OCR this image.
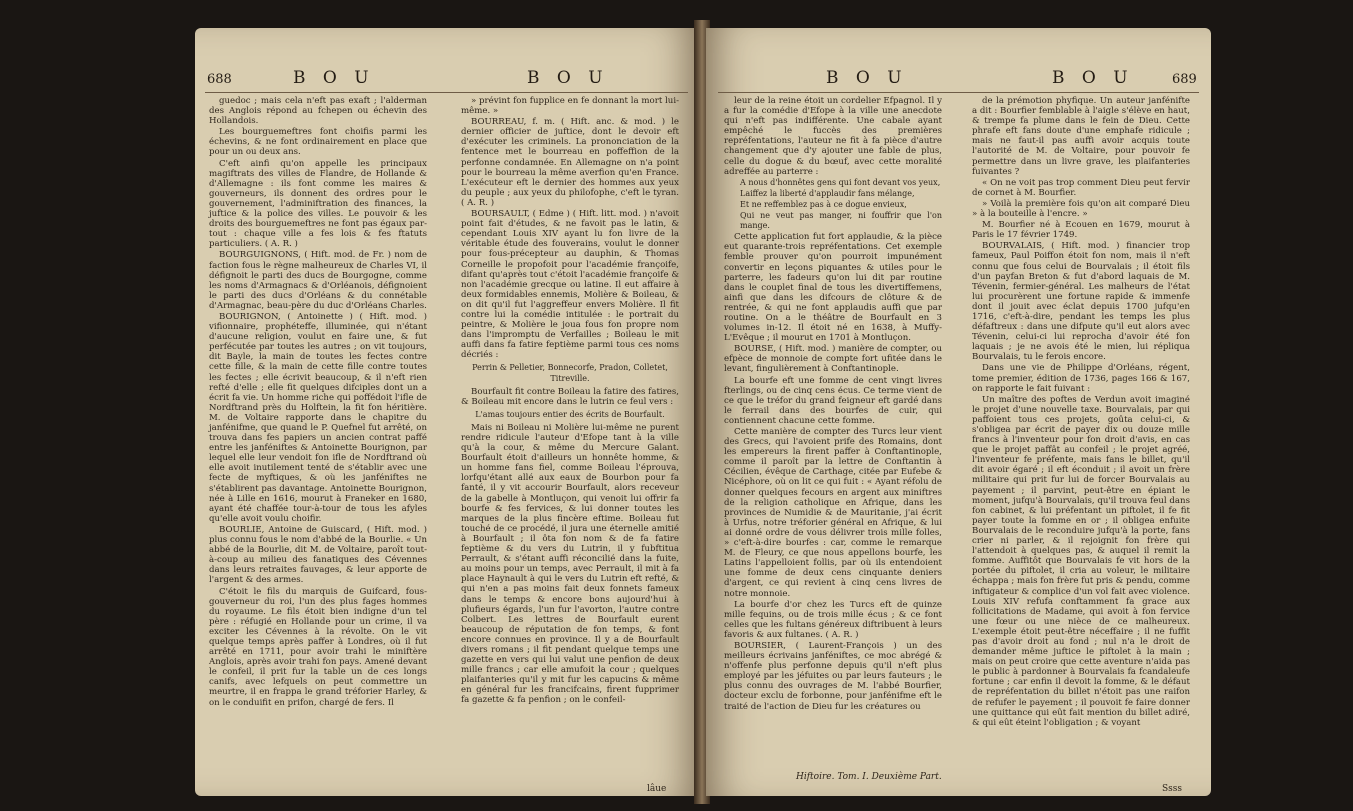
688	B O U	B O U

guedoc ; mais cela n'eft pas exaft ; l'alderman des Anglois répond au fchepen ou échevin des Hollandois.

Les bourguemeftres font choifis parmi les échevins, & ne font ordinairement en place que pour un ou deux ans.

C'eft ainfi qu'on appelle les principaux magiftrats des villes de Flandre, de Hollande & d'Allemagne : ils font comme les maires & gouverneurs, ils donnent des ordres pour le gouvernement, l'adminiftration des finances, la juftice & la police des villes. Le pouvoir & les droits des bourguemeftres ne font pas égaux par-tout : chaque ville a fes lois & fes ftatuts particuliers. ( A. R. )

BOURGUIGNONS, ( Hift. mod. de Fr. ) nom de faction fous le règne malheureux de Charles VI, il défignoit le parti des ducs de Bourgogne, comme les noms d'Armagnacs & d'Orléanois, défignoient le parti des ducs d'Orléans & du connétable d'Armagnac, beau-père du duc d'Orléans Charles.

BOURIGNON, ( Antoinette ) ( Hift. mod. ) vifionnaire, prophéteffe, illuminée, qui n'étant d'aucune religion, voulut en faire une, & fut perfécutée par toutes les autres ; on vit toujours, dit Bayle, la main de toutes les fectes contre cette fille, & la main de cette fille contre toutes les fectes ; elle écrivit beaucoup, & il n'eft rien refté d'elle ; elle fit quelques difciples dont un a écrit fa vie. Un homme riche qui poffédoit l'ifle de Nordftrand près du Holftein, la fit fon héritière. M. de Voltaire rapporte dans le chapitre du janfénifme, que quand le P. Quefnel fut arrêté, on trouva dans fes papiers un ancien contrat paffé entre les janféniftes & Antoinette Bourignon, par lequel elle leur vendoit fon ifle de Nordftrand où elle avoit inutilement tenté de s'établir avec une fecte de myftiques, & où les janféniftes ne s'établirent pas davantage. Antoinette Bourignon, née à Lille en 1616, mourut à Franeker en 1680, ayant été chaffée tour-à-tour de tous les afyles qu'elle avoit voulu choifir.

BOURLIE, Antoine de Guiscard, ( Hift. mod. ) plus connu fous le nom d'abbé de la Bourlie. « Un abbé de la Bourlie, dit M. de Voltaire, paroît tout-à-coup au milieu des fanatiques des Cévennes dans leurs retraites fauvages, & leur apporte de l'argent & des armes.

C'étoit le fils du marquis de Guifcard, fous-gouverneur du roi, l'un des plus fages hommes du royaume. Le fils étoit bien indigne d'un tel père : réfugié en Hollande pour un crime, il va exciter les Cévennes à la révolte. On le vit quelque temps après paffer à Londres, où il fut arrêté en 1711, pour avoir trahi le miniftère Anglois, après avoir trahi fon pays. Amené devant le confeil, il prit fur la table un de ces longs canifs, avec lefquels on peut commettre un meurtre, il en frappa le grand tréforier Harley, & on le conduifit en prifon, chargé de fers. Il

» prévint fon fupplice en fe donnant la mort lui-même. »

BOURREAU, f. m. ( Hift. anc. & mod. ) le dernier officier de juftice, dont le devoir eft d'exécuter les criminels. La prononciation de la fentence met le bourreau en poffeffion de la perfonne condamnée. En Allemagne on n'a point pour le bourreau la même averfion qu'en France. L'exécuteur eft le dernier des hommes aux yeux du peuple ; aux yeux du philofophe, c'eft le tyran. ( A. R. )

BOURSAULT, ( Edme ) ( Hift. litt. mod. ) n'avoit point fait d'études, & ne favoit pas le latin, & cependant Louis XIV ayant lu fon livre de la véritable étude des fouverains, voulut le donner pour fous-précepteur au dauphin, & Thomas Corneille le propofoit pour l'académie françoife, difant qu'après tout c'étoit l'académie françoife & non l'académie grecque ou latine. Il eut affaire à deux formidables ennemis, Molière & Boileau, & on dit qu'il fut l'aggreffeur envers Molière. Il fit contre lui la comédie intitulée : le portrait du peintre, & Molière le joua fous fon propre nom dans l'impromptu de Verfailles ; Boileau le mit auffi dans fa fatire feptième parmi tous ces noms décriés :

Perrin & Pelletier, Bonnecorfe, Pradon, Colletet, Titreville.

Bourfault fit contre Boileau la fatire des fatires, & Boileau mit encore dans le lutrin ce feul vers :

L'amas toujours entier des écrits de Bourfault.

Mais ni Boileau ni Molière lui-même ne purent rendre ridicule l'auteur d'Efope tant à la ville qu'à la cour, & même du Mercure Galant. Bourfault étoit d'ailleurs un honnête homme, & un homme fans fiel, comme Boileau l'éprouva, lorfqu'étant allé aux eaux de Bourbon pour fa fanté, il y vit accourir Bourfault, alors receveur de la gabelle à Montluçon, qui venoit lui offrir fa bourfe & fes fervices, & lui donner toutes les marques de la plus fincère eftime. Boileau fut touché de ce procédé, il jura une éternelle amitié à Bourfault ; il ôta fon nom & de fa fatire feptième & du vers du Lutrin, il y fubftitua Perrault, & s'étant auffi réconcilié dans la fuite, au moins pour un temps, avec Perrault, il mit à fa place Haynault à qui le vers du Lutrin eft refté, & qui n'en a pas moins fait deux fonnets fameux dans le temps & encore bons aujourd'hui à plufieurs égards, l'un fur l'avorton, l'autre contre Colbert. Les lettres de Bourfault eurent beaucoup de réputation de fon temps, & font encore connues en province. Il y a de Bourfault divers romans ; il fit pendant quelque temps une gazette en vers qui lui valut une penfion de deux mille francs ; car elle amufoit la cour ; quelques plaifanteries qu'il y mit fur les capucins & même en général fur les francifcains, firent fupprimer fa gazette & fa penfion ; on le confeil-

lâue
B O U	B O U	689

leur de la reine étoit un cordelier Efpagnol. Il y a fur la comédie d'Efope à la ville une anecdote qui n'eft pas indifférente. Une cabale ayant empêché le fuccès des premières repréfentations, l'auteur ne fit à fa pièce d'autre changement que d'y ajouter une fable de plus, celle du dogue & du bœuf, avec cette moralité adreffée au parterre :

A nous d'honnêtes gens qui font devant vos yeux,

Laiffez la liberté d'applaudir fans mélange,

Et ne reffemblez pas à ce dogue envieux,

Qui ne veut pas manger, ni fouffrir que l'on mange.

Cette application fut fort applaudie, & la pièce eut quarante-trois repréfentations. Cet exemple femble prouver qu'on pourroit impunément convertir en leçons piquantes & utiles pour le parterre, les fadeurs qu'on lui dit par routine dans le couplet final de tous les divertiffemens, ainfi que dans les difcours de clôture & de rentrée, & qui ne font applaudis auffi que par routine. On a le théâtre de Bourfault en 3 volumes in-12. Il étoit né en 1638, à Muffy-L'Evêque ; il mourut en 1701 à Montluçon.

BOURSE, ( Hift. mod. ) manière de compter, ou efpèce de monnoie de compte fort ufitée dans le levant, fingulièrement à Conftantinople.

La bourfe eft une fomme de cent vingt livres fterlings, ou de cinq cens écus. Ce terme vient de ce que le tréfor du grand feigneur eft gardé dans le ferrail dans des bourfes de cuir, qui contiennent chacune cette fomme.

Cette manière de compter des Turcs leur vient des Grecs, qui l'avoient prife des Romains, dont les empereurs la firent paffer à Conftantinople, comme il paroît par la lettre de Conftantin à Cécilien, évêque de Carthage, citée par Eufebe & Nicéphore, où on lit ce qui fuit : « Ayant réfolu de donner quelques fecours en argent aux miniftres de la religion catholique en Afrique, dans les provinces de Numidie & de Mauritanie, j'ai écrit à Urfus, notre tréforier général en Afrique, & lui ai donné ordre de vous délivrer trois mille folles, » c'eft-à-dire bourfes : car, comme le remarque M. de Fleury, ce que nous appellons bourfe, les Latins l'appelloient follis, par où ils entendoient une fomme de deux cens cinquante deniers d'argent, ce qui revient à cinq cens livres de notre monnoie.

La bourfe d'or chez les Turcs eft de quinze mille fequins, ou de trois mille écus ; & ce font celles que les fultans généreux diftribuent à leurs favoris & aux fultanes. ( A. R. )

BOURSIER, ( Laurent-François ) un des meilleurs écrivains janféniftes, ce moc abrégé & n'offenfe plus perfonne depuis qu'il n'eft plus employé par les jéfuites ou par leurs fauteurs ; le plus connu des ouvrages de M. l'abbé Bourfier, docteur exclu de forbonne, pour janfénifme eft le traité de l'action de Dieu fur les créatures ou

de la prémotion phyfique. Un auteur janfénifte a dit : Bourfier femblable à l'aigle s'élève en haut, & trempe fa plume dans le fein de Dieu. Cette phrafe eft fans doute d'une emphafe ridicule ; mais ne faut-il pas auffi avoir acquis toute l'autorité de M. de Voltaire, pour pouvoir fe permettre dans un livre grave, les plaifanteries fuivantes ?

« On ne voit pas trop comment Dieu peut fervir de cornet à M. Bourfier.

» Voilà la première fois qu'on ait comparé Dieu » à la bouteille à l'encre. »

M. Bourfier né à Ecouen en 1679, mourut à Paris le 17 février 1749.

BOURVALAIS, ( Hift. mod. ) financier trop fameux, Paul Poiffon étoit fon nom, mais il n'eft connu que fous celui de Bourvalais ; il étoit fils d'un payfan Breton & fut d'abord laquais de M. Tévenin, fermier-général. Les malheurs de l'état lui procurèrent une fortune rapide & immenfe dont il jouit avec éclat depuis 1700 jufqu'en 1716, c'eft-à-dire, pendant les temps les plus défaftreux : dans une difpute qu'il eut alors avec Tévenin, celui-ci lui reprocha d'avoir été fon laquais ; je ne avois été le mien, lui répliqua Bourvalais, tu le ferois encore.

Dans une vie de Philippe d'Orléans, régent, tome premier, édition de 1736, pages 166 & 167, on rapporte le fait fuivant :

Un maître des poftes de Verdun avoit imaginé le projet d'une nouvelle taxe. Bourvalais, par qui paffoient tous ces projets, goûta celui-ci, & s'obligea par écrit de payer dix ou douze mille francs à l'inventeur pour fon droit d'avis, en cas que le projet paffât au confeil ; le projet agréé, l'inventeur fe préfente, mais fans le billet, qu'il dit avoir égaré ; il eft éconduit ; il avoit un frère militaire qui prit fur lui de forcer Bourvalais au payement ; il parvint, peut-être en épiant le moment, jufqu'à Bourvalais, qu'il trouva feul dans fon cabinet, & lui préfentant un piftolet, il fe fit payer toute la fomme en or ; il obligea enfuite Bourvalais de le reconduire jufqu'à la porte, fans crier ni parler, & il rejoignit fon frère qui l'attendoit à quelques pas, & auquel il remit la fomme. Auffitôt que Bourvalais fe vit hors de la portée du piftolet, il cria au voleur, le militaire échappa ; mais fon frère fut pris & pendu, comme inftigateur & complice d'un vol fait avec violence. Louis XIV refufa conftamment fa grace aux follicitations de Madame, qui avoit à fon fervice une fœur ou une nièce de ce malheureux. L'exemple étoit peut-être néceffaire ; il ne fuffit pas d'avoir droit au fond ; nul n'a le droit de demander même juftice le piftolet à la main ; mais on peut croire que cette aventure n'aida pas le public à pardonner à Bourvalais fa fcandaleufe fortune ; car enfin il devoit la fomme, & le défaut de repréfentation du billet n'étoit pas une raifon de refufer le payement ; il pouvoit fe faire donner une quittance qui eût fait mention du billet adiré, & qui eût éteint l'obligation ; & voyant

Hiftoire. Tom. I. Deuxième Part.
Ssss
